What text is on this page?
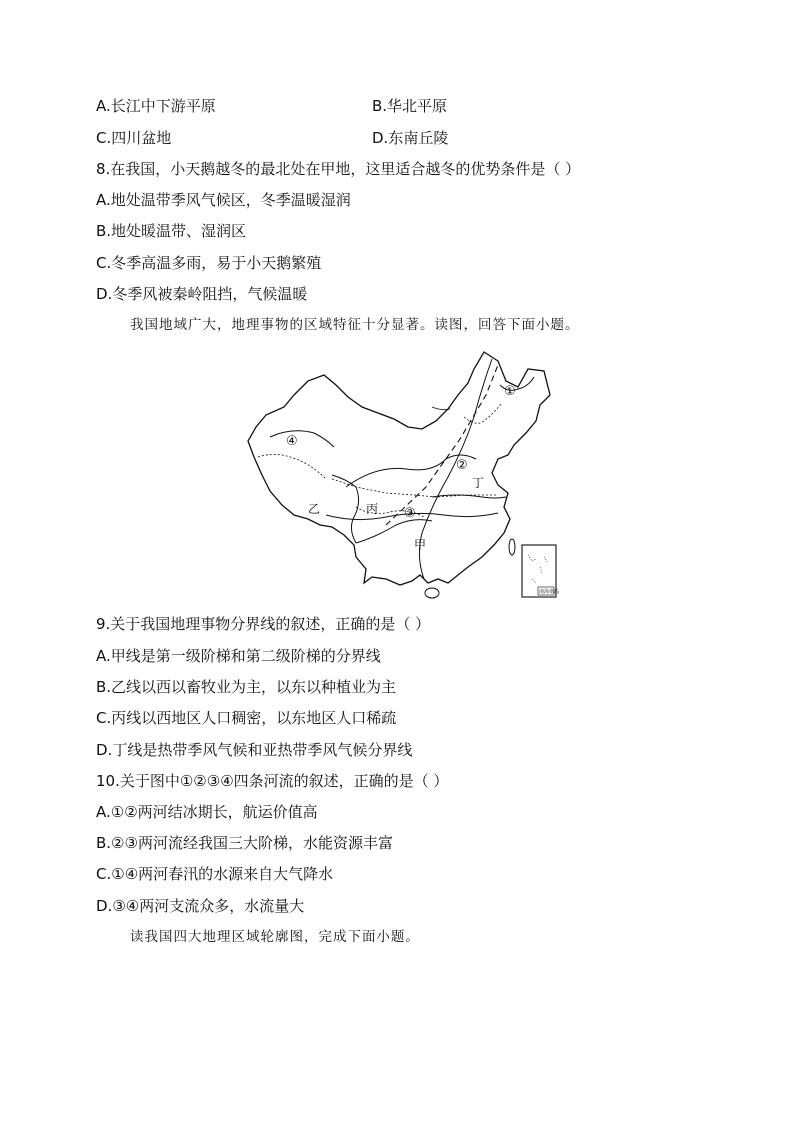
A.长江中下游平原	B.华北平原
C.四川盆地	D.东南丘陵
8.在我国，小天鹅越冬的最北处在甲地，这里适合越冬的优势条件是（ ）
A.地处温带季风气候区，冬季温暖湿润
B.地处暖温带、湿润区
C.冬季高温多雨，易于小天鹅繁殖
D.冬季风被秦岭阻挡，气候温暖
我国地域广大，地理事物的区域特征十分显著。读图，回答下面小题。
南海诸岛
①
②
③
④
乙	丙
甲
丁
9.关于我国地理事物分界线的叙述，正确的是（ ）
A.甲线是第一级阶梯和第二级阶梯的分界线
B.乙线以西以畜牧业为主，以东以种植业为主
C.丙线以西地区人口稠密，以东地区人口稀疏
D.丁线是热带季风气候和亚热带季风气候分界线
10.关于图中①②③④四条河流的叙述，正确的是（ ）
A.①②两河结冰期长，航运价值高
B.②③两河流经我国三大阶梯，水能资源丰富
C.①④两河春汛的水源来自大气降水
D.③④两河支流众多，水流量大
读我国四大地理区域轮廓图，完成下面小题。
